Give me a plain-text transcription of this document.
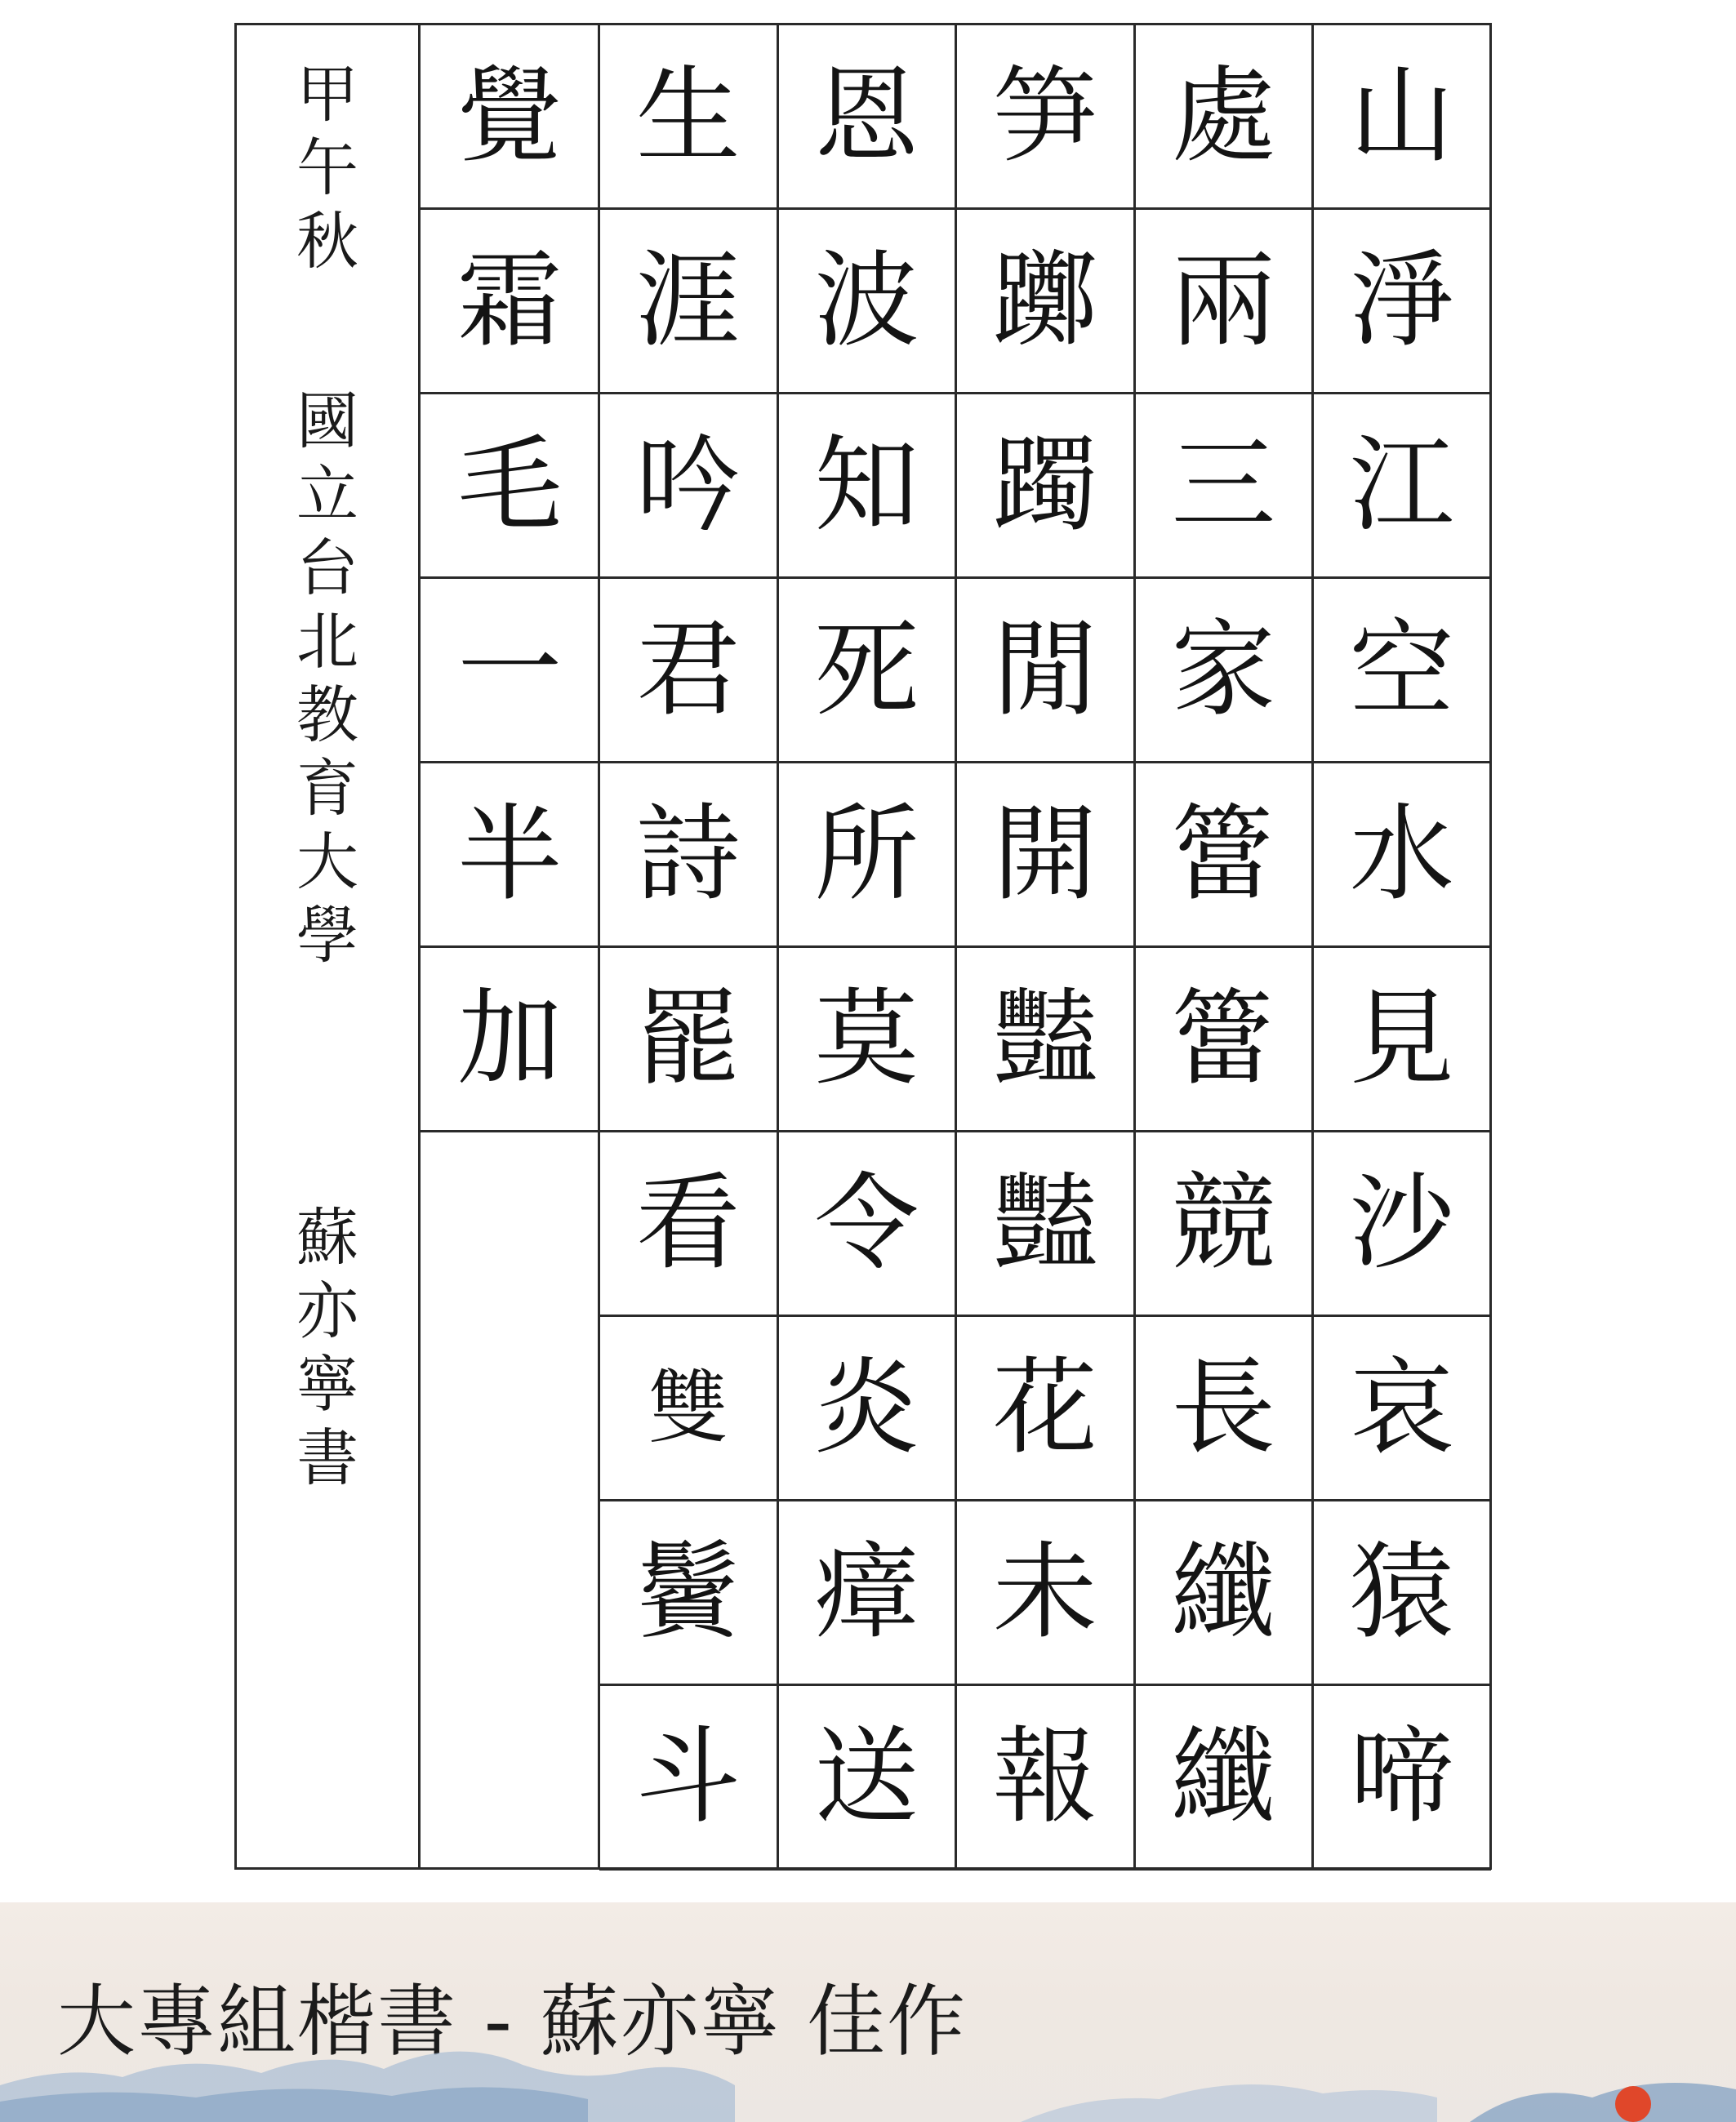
甲
午
秋
國
立
台
北
教
育
大
學
蘇
亦
寧
書
山
淨
江
空
水
見
沙
哀
猿
啼
處
兩
三
家
簹
簹
競
長
纖
纖
笋
躑
躅
閒
開
豔
豔
花
未
報
恩
波
知
死
所
莫
令
炎
瘴
送
生
涯
吟
君
詩
罷
看
雙
鬢
斗
覺
霜
毛
一
半
加
大專組楷書 - 蘇亦寧 佳作
